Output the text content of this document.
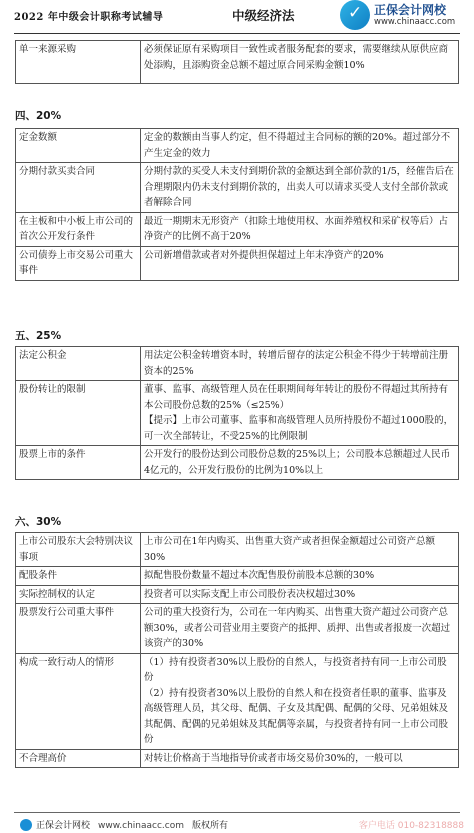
2022 年中级会计职称考试辅导	中级经济法 ✓	正保会计网校
www.chinaacc.com
单一来源采购	必须保证原有采购项目一致性或者服务配套的要求，需要继续从原供应商处添购，且添购资金总额不超过原合同采购金额10%
四、20%
定金数额	定金的数额由当事人约定，但不得超过主合同标的额的20%。超过部分不产生定金的效力
分期付款买卖合同	分期付款的买受人未支付到期价款的金额达到全部价款的1/5，经催告后在合理期限内仍未支付到期价款的，出卖人可以请求买受人支付全部价款或者解除合同
在主板和中小板上市公司的首次公开发行条件	最近一期期末无形资产（扣除土地使用权、水面养殖权和采矿权等后）占净资产的比例不高于20%
公司债券上市交易公司重大事件	公司新增借款或者对外提供担保超过上年末净资产的20%
五、25%
法定公积金	用法定公积金转增资本时，转增后留存的法定公积金不得少于转增前注册资本的25%
股份转让的限制	董事、监事、高级管理人员在任职期间每年转让的股份不得超过其所持有本公司股份总数的25%（≤25%）
【提示】上市公司董事、监事和高级管理人员所持股份不超过1000股的，可一次全部转让，不受25%的比例限制
股票上市的条件	公开发行的股份达到公司股份总数的25%以上；公司股本总额超过人民币4亿元的，公开发行股份的比例为10%以上
六、30%
上市公司股东大会特别决议事项	上市公司在1年内购买、出售重大资产或者担保金额超过公司资产总额30%
配股条件	拟配售股份数量不超过本次配售股份前股本总额的30%
实际控制权的认定	投资者可以实际支配上市公司股份表决权超过30%
股票发行公司重大事件	公司的重大投资行为，公司在一年内购买、出售重大资产超过公司资产总额30%，或者公司营业用主要资产的抵押、质押、出售或者报废一次超过该资产的30%
构成一致行动人的情形	（1）持有投资者30%以上股份的自然人，与投资者持有同一上市公司股份
（2）持有投资者30%以上股份的自然人和在投资者任职的董事、监事及高级管理人员，其父母、配偶、子女及其配偶、配偶的父母、兄弟姐妹及其配偶、配偶的兄弟姐妹及其配偶等亲属，与投资者持有同一上市公司股份
不合理高价	对转让价格高于当地指导价或者市场交易价30%的，一般可以
正保会计网校 www.chinaacc.com 版权所有	客户电话 010-82318888
